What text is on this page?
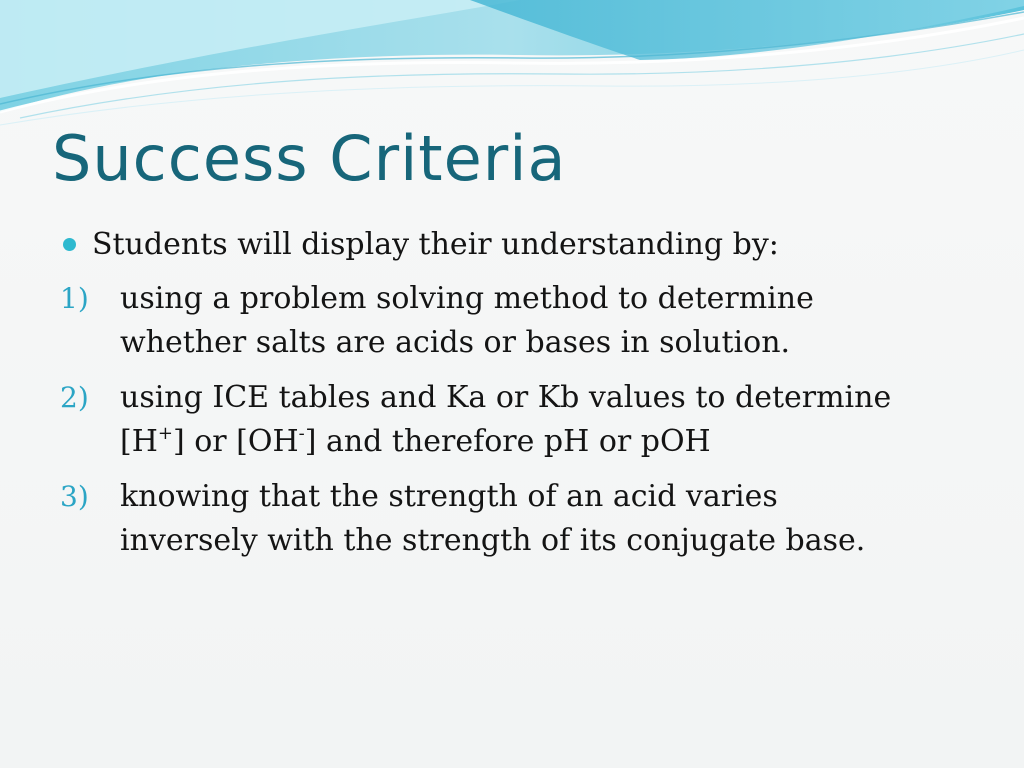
Success Criteria
Students will display their understanding by:
1) using a problem solving method to determine
whether salts are acids or bases in solution.
2) using ICE tables and Ka or Kb values to determine
[H+] or [OH-] and therefore pH or pOH
3) knowing that the strength of an acid varies
inversely with the strength of its conjugate base.
